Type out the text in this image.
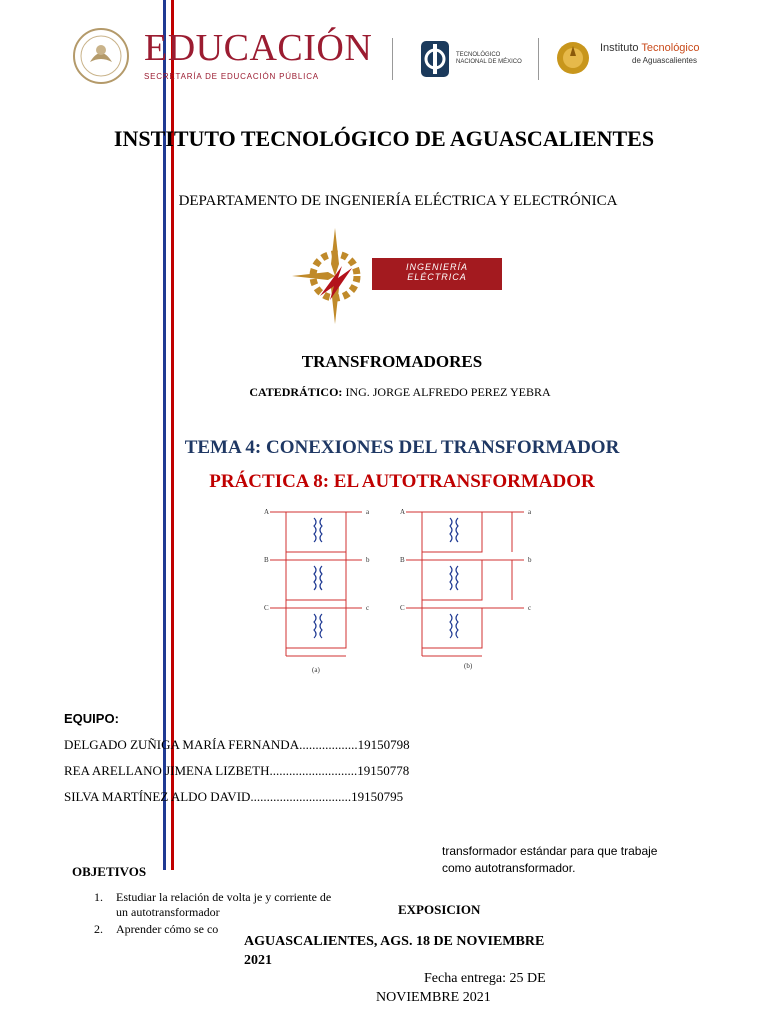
EDUCACIÓN
SECRETARÍA DE EDUCACIÓN PÚBLICA
TECNOLÓGICO
NACIONAL DE MÉXICO
Instituto Tecnológico
de Aguascalientes
INSTITUTO TECNOLÓGICO DE AGUASCALIENTES
DEPARTAMENTO DE INGENIERÍA ELÉCTRICA Y ELECTRÓNICA
INGENIERÍA
ELÉCTRICA
TRANSFROMADORES
CATEDRÁTICO: ING. JORGE ALFREDO PEREZ YEBRA
TEMA 4: CONEXIONES DEL TRANSFORMADOR
PRÁCTICA 8: EL AUTOTRANSFORMADOR
A
B
C
a
b
c
A
B
C
a
b
c
(a)	(b)
EQUIPO:
DELGADO ZUÑIGA MARÍA FERNANDA..................19150798
REA ARELLANO JIMENA LIZBETH...........................19150778
SILVA MARTÍNEZ ALDO DAVID...............................19150795
OBJETIVOS
1. Estudiar la relación de volta je y corriente de
un autotransformador
2. Aprender cómo se co
transformador estándar para que trabaje
como autotransformador.
EXPOSICION
AGUASCALIENTES, AGS. 18 DE NOVIEMBRE
2021
Fecha entrega: 25 DE
NOVIEMBRE 2021
